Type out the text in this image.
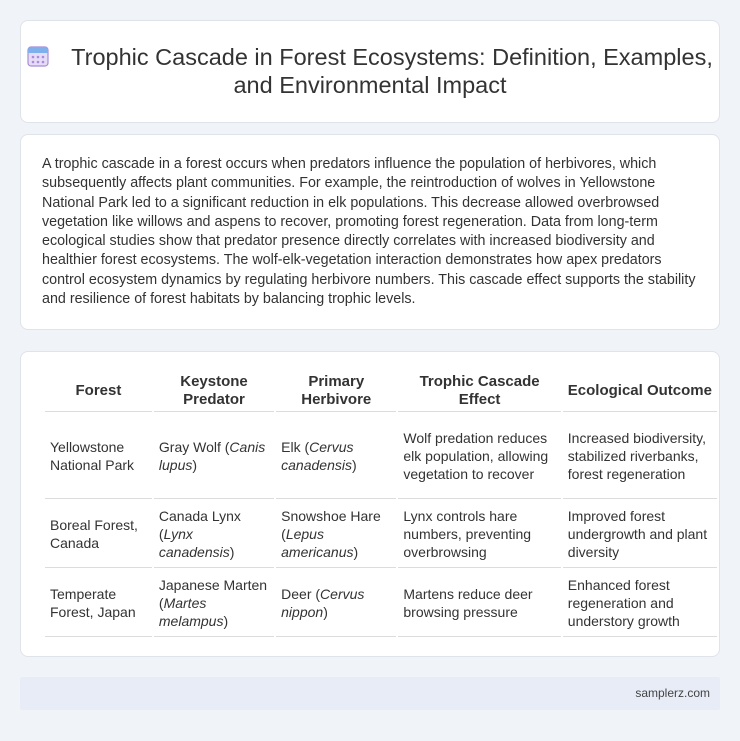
Trophic Cascade in Forest Ecosystems: Definition, Examples, and Environmental Impact

A trophic cascade in a forest occurs when predators influence the population of herbivores, which subsequently affects plant communities. For example, the reintroduction of wolves in Yellowstone National Park led to a significant reduction in elk populations. This decrease allowed overbrowsed vegetation like willows and aspens to recover, promoting forest regeneration. Data from long-term ecological studies show that predator presence directly correlates with increased biodiversity and healthier forest ecosystems. The wolf-elk-vegetation interaction demonstrates how apex predators control ecosystem dynamics by regulating herbivore numbers. This cascade effect supports the stability and resilience of forest habitats by balancing trophic levels.

Forest	Keystone Predator	Primary Herbivore	Trophic Cascade Effect	Ecological Outcome
Yellowstone National Park	Gray Wolf (Canis lupus)	Elk (Cervus canadensis)	Wolf predation reduces elk population, allowing vegetation to recover	Increased biodiversity, stabilized riverbanks, forest regeneration
Boreal Forest, Canada	Canada Lynx (Lynx canadensis)	Snowshoe Hare (Lepus americanus)	Lynx controls hare numbers, preventing overbrowsing	Improved forest undergrowth and plant diversity
Temperate Forest, Japan	Japanese Marten (Martes melampus)	Deer (Cervus nippon)	Martens reduce deer browsing pressure	Enhanced forest regeneration and understory growth
samplerz.com
